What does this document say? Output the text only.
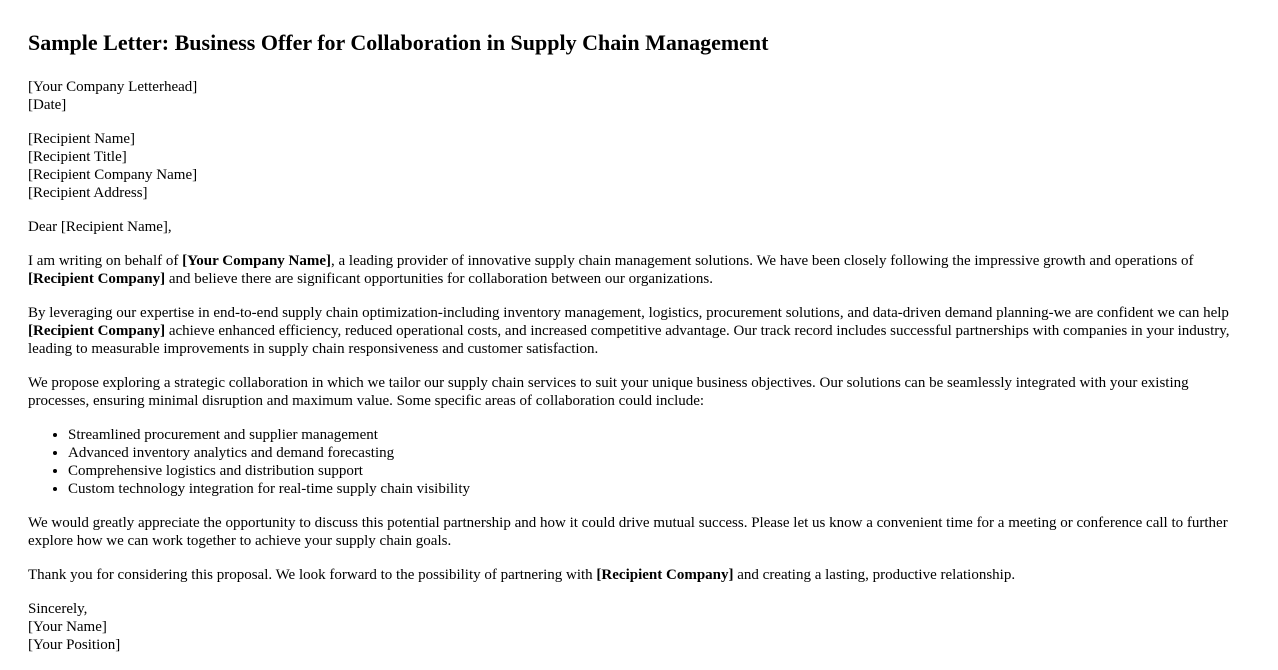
Sample Letter: Business Offer for Collaboration in Supply Chain Management

[Your Company Letterhead]
[Date]

[Recipient Name]
[Recipient Title]
[Recipient Company Name]
[Recipient Address]

Dear [Recipient Name],

I am writing on behalf of [Your Company Name], a leading provider of innovative supply chain management solutions. We have been closely following the impressive growth and operations of [Recipient Company] and believe there are significant opportunities for collaboration between our organizations.

By leveraging our expertise in end-to-end supply chain optimization-including inventory management, logistics, procurement solutions, and data-driven demand planning-we are confident we can help [Recipient Company] achieve enhanced efficiency, reduced operational costs, and increased competitive advantage. Our track record includes successful partnerships with companies in your industry, leading to measurable improvements in supply chain responsiveness and customer satisfaction.

We propose exploring a strategic collaboration in which we tailor our supply chain services to suit your unique business objectives. Our solutions can be seamlessly integrated with your existing processes, ensuring minimal disruption and maximum value. Some specific areas of collaboration could include:

• Streamlined procurement and supplier management
• Advanced inventory analytics and demand forecasting
• Comprehensive logistics and distribution support
• Custom technology integration for real-time supply chain visibility

We would greatly appreciate the opportunity to discuss this potential partnership and how it could drive mutual success. Please let us know a convenient time for a meeting or conference call to further explore how we can work together to achieve your supply chain goals.

Thank you for considering this proposal. We look forward to the possibility of partnering with [Recipient Company] and creating a lasting, productive relationship.

Sincerely,
[Your Name]
[Your Position]
